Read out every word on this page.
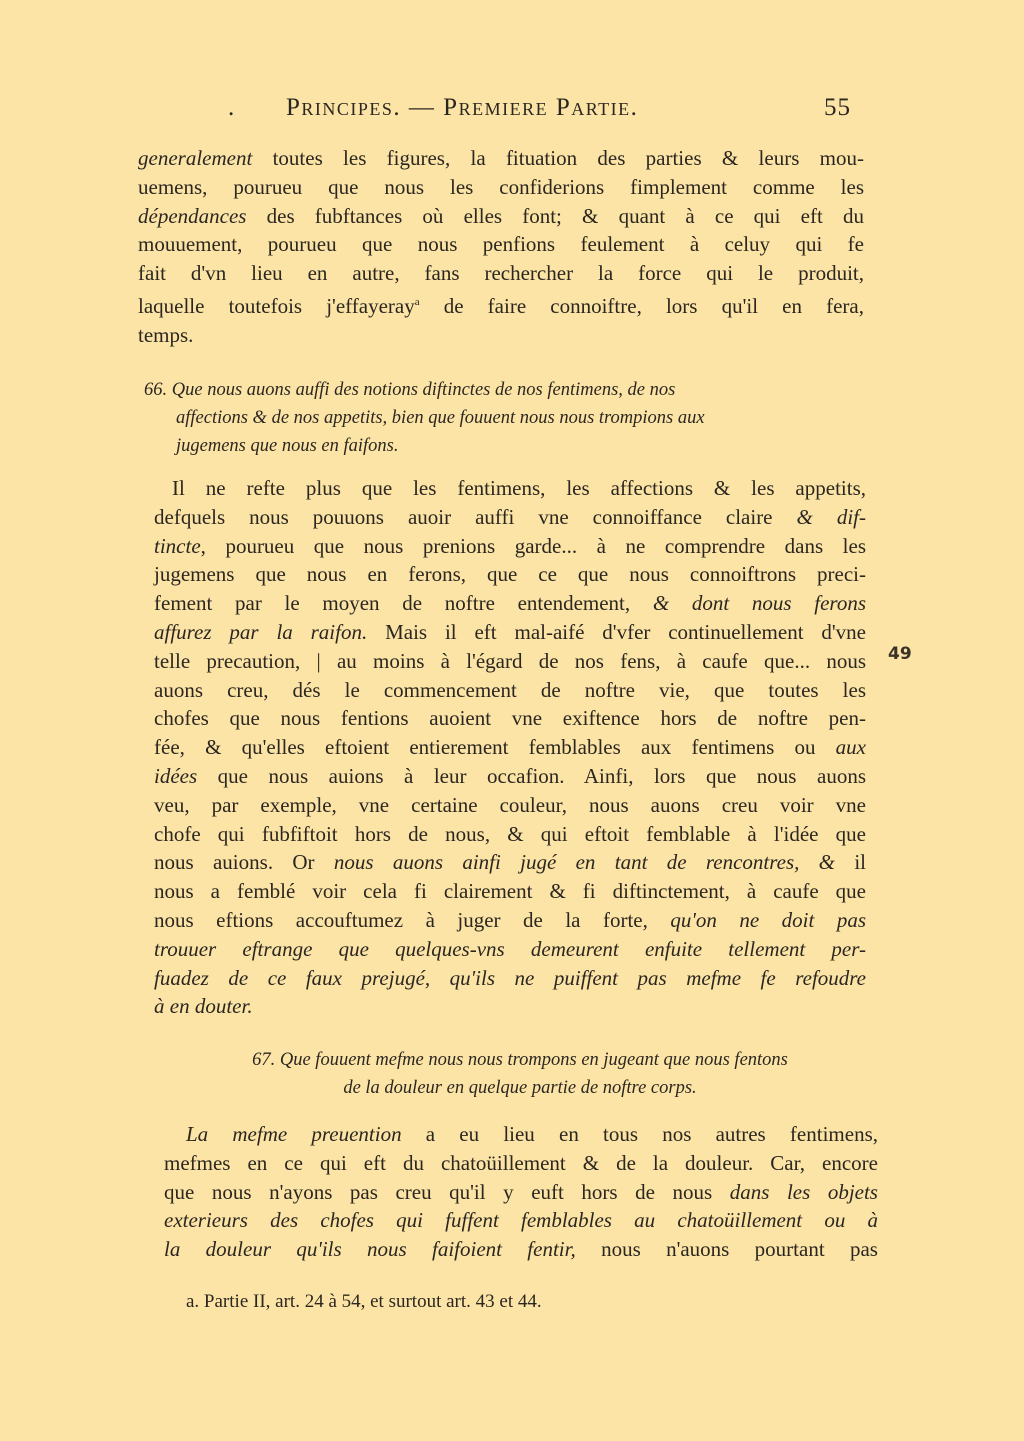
. Principes. — Premiere Partie.	55
generalement toutes les figures, la fituation des parties & leurs mou-
uemens, pourueu que nous les confiderions fimplement comme les
dépendances des fubftances où elles font; & quant à ce qui eft du
mouuement, pourueu que nous penfions feulement à celuy qui fe
fait d'vn lieu en autre, fans rechercher la force qui le produit,
laquelle toutefois j'effayeray$^a$ de faire connoiftre, lors qu'il en fera,
temps.
66. Que nous auons auffi des notions diftinctes de nos fentimens, de nos
affections & de nos appetits, bien que fouuent nous nous trompions aux
jugemens que nous en faifons.
Il ne refte plus que les fentimens, les affections & les appetits,
defquels nous pouuons auoir auffi vne connoiffance claire & dif-
tincte, pourueu que nous prenions garde... à ne comprendre dans les
jugemens que nous en ferons, que ce que nous connoiftrons preci-
fement par le moyen de noftre entendement, & dont nous ferons
affurez par la raifon. Mais il eft mal-aifé d'vfer continuellement d'vne
telle precaution, | au moins à l'égard de nos fens, à caufe que... nous
auons creu, dés le commencement de noftre vie, que toutes les
chofes que nous fentions auoient vne exiftence hors de noftre pen-
fée, & qu'elles eftoient entierement femblables aux fentimens ou aux
idées que nous auions à leur occafion. Ainfi, lors que nous auons
veu, par exemple, vne certaine couleur, nous auons creu voir vne
chofe qui fubfiftoit hors de nous, & qui eftoit femblable à l'idée que
nous auions. Or nous auons ainfi jugé en tant de rencontres, & il
nous a femblé voir cela fi clairement & fi diftinctement, à caufe que
nous eftions accouftumez à juger de la forte, qu'on ne doit pas
trouuer eftrange que quelques-vns demeurent enfuite tellement per-
fuadez de ce faux prejugé, qu'ils ne puiffent pas mefme fe refoudre
à en douter.
49
67. Que fouuent mefme nous nous trompons en jugeant que nous fentons
de la douleur en quelque partie de noftre corps.
La mefme preuention a eu lieu en tous nos autres fentimens,
mefmes en ce qui eft du chatoüillement & de la douleur. Car, encore
que nous n'ayons pas creu qu'il y euft hors de nous dans les objets
exterieurs des chofes qui fuffent femblables au chatoüillement ou à
la douleur qu'ils nous faifoient fentir, nous n'auons pourtant pas
a. Partie II, art. 24 à 54, et surtout art. 43 et 44.
